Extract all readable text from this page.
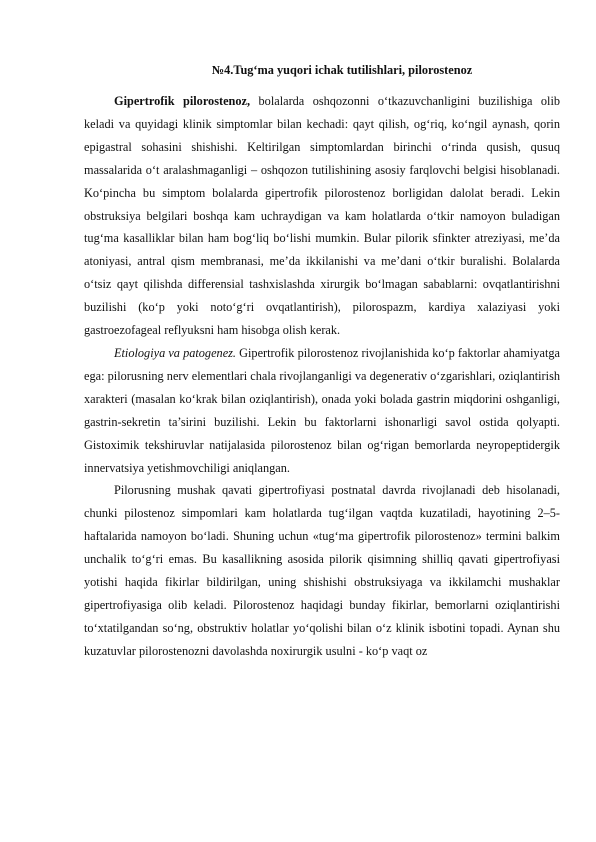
№4.Tug‘ma yuqori ichak tutilishlari, pilorostenoz

Gipertrofik pilorostenoz, bolalarda oshqozonni o‘tkazuvchanligini buzilishiga olib keladi va quyidagi klinik simptomlar bilan kechadi: qayt qilish, og‘riq, ko‘ngil aynash, qorin epigastral sohasini shishishi. Keltirilgan simptomlardan birinchi o‘rinda qusish, qusuq massalarida o‘t aralashmaganligi – oshqozon tutilishining asosiy farqlovchi belgisi hisoblanadi. Ko‘pincha bu simptom bolalarda gipertrofik pilorostenoz borligidan dalolat beradi. Lekin obstruksiya belgilari boshqa kam uchraydigan va kam holatlarda o‘tkir namoyon buladigan tug‘ma kasalliklar bilan ham bog‘liq bo‘lishi mumkin. Bular pilorik sfinkter atreziyasi, me’da atoniyasi, antral qism membranasi, me’da ikkilanishi va me’dani o‘tkir buralishi. Bolalarda o‘tsiz qayt qilishda differensial tashxislashda xirurgik bo‘lmagan sabablarni: ovqatlantirishni buzilishi (ko‘p yoki noto‘g‘ri ovqatlantirish), pilorospazm, kardiya xalaziyasi yoki gastroezofageal reflyuksni ham hisobga olish kerak.

Etiologiya va patogenez. Gipertrofik pilorostenoz rivojlanishida ko‘p faktorlar ahamiyatga ega: pilorusning nerv elementlari chala rivojlanganligi va degenerativ o‘zgarishlari, oziqlantirish xarakteri (masalan ko‘krak bilan oziqlantirish), onada yoki bolada gastrin miqdorini oshganligi, gastrin-sekretin ta’sirini buzilishi. Lekin bu faktorlarni ishonarligi savol ostida qolyapti. Gistoximik tekshiruvlar natijalasida pilorostenoz bilan og‘rigan bemorlarda neyropeptidergik innervatsiya yetishmovchiligi aniqlangan.

Pilorusning mushak qavati gipertrofiyasi postnatal davrda rivojlanadi deb hisolanadi, chunki pilostenoz simpomlari kam holatlarda tug‘ilgan vaqtda kuzatiladi, hayotining 2–5-haftalarida namoyon bo‘ladi. Shuning uchun «tug‘ma gipertrofik pilorostenoz» termini balkim unchalik to‘g‘ri emas. Bu kasallikning asosida pilorik qisimning shilliq qavati gipertrofiyasi yotishi haqida fikirlar bildirilgan, uning shishishi obstruksiyaga va ikkilamchi mushaklar gipertrofiyasiga olib keladi. Pilorostenoz haqidagi bunday fikirlar, bemorlarni oziqlantirishi to‘xtatilgandan so‘ng, obstruktiv holatlar yo‘qolishi bilan o‘z klinik isbotini topadi. Aynan shu kuzatuvlar pilorostenozni davolashda noxirurgik usulni - ko‘p vaqt oz
